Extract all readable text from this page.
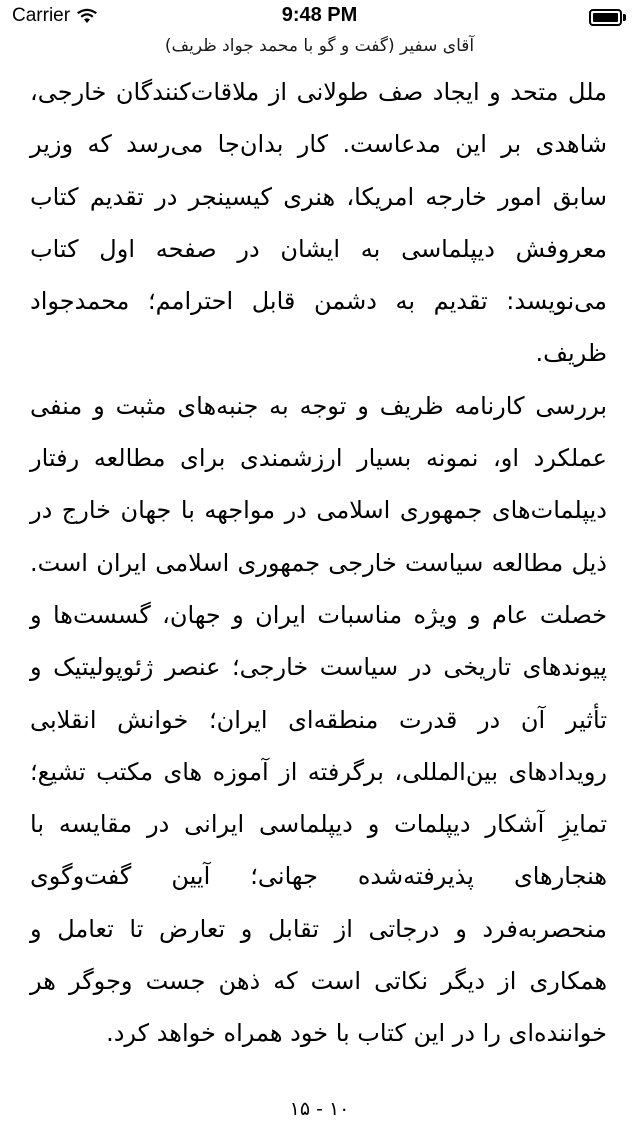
Carrier	9:48 PM
آقای سفیر (گفت و گو با محمد جواد ظریف)

ملل متحد و ایجاد صف طولانی از ملاقات‌کنندگان خارجی، شاهدی بر این مدعاست. کار بدان‌جا می‌رسد که وزیر سابق امور خارجه امریکا، هنری کیسینجر در تقدیم کتاب معروفش دیپلماسی به ایشان در صفحه اول کتاب می‌نویسد: تقدیم به دشمن قابل احترامم؛ محمدجواد ظریف.

بررسی کارنامه ظریف و توجه به جنبه‌های مثبت و منفی عملکرد او، نمونه بسیار ارزشمندی برای مطالعه رفتار دیپلمات‌های جمهوری اسلامی در مواجهه با جهان خارج در ذیل مطالعه سیاست خارجی جمهوری اسلامی ایران است. خصلت عام و ویژه مناسبات ایران و جهان، گسست‌ها و پیوندهای تاریخی در سیاست خارجی؛ عنصر ژئوپولیتیک و تأثیر آن در قدرت منطقه‌ای ایران؛ خوانش انقلابی رویدادهای بین‌المللی، برگرفته از آموزه های مکتب تشیع؛ تمایزِ آشکار دیپلمات و دیپلماسی ایرانی در مقایسه با هنجارهای پذیرفته‌شده جهانی؛ آیین گفت‌وگوی منحصربه‌فرد و درجاتی از تقابل و تعارض تا تعامل و همکاری از دیگر نکاتی است که ذهن جست وجوگر هر خواننده‌ای را در این کتاب با خود همراه خواهد کرد.

۱۰ - ۱۵
